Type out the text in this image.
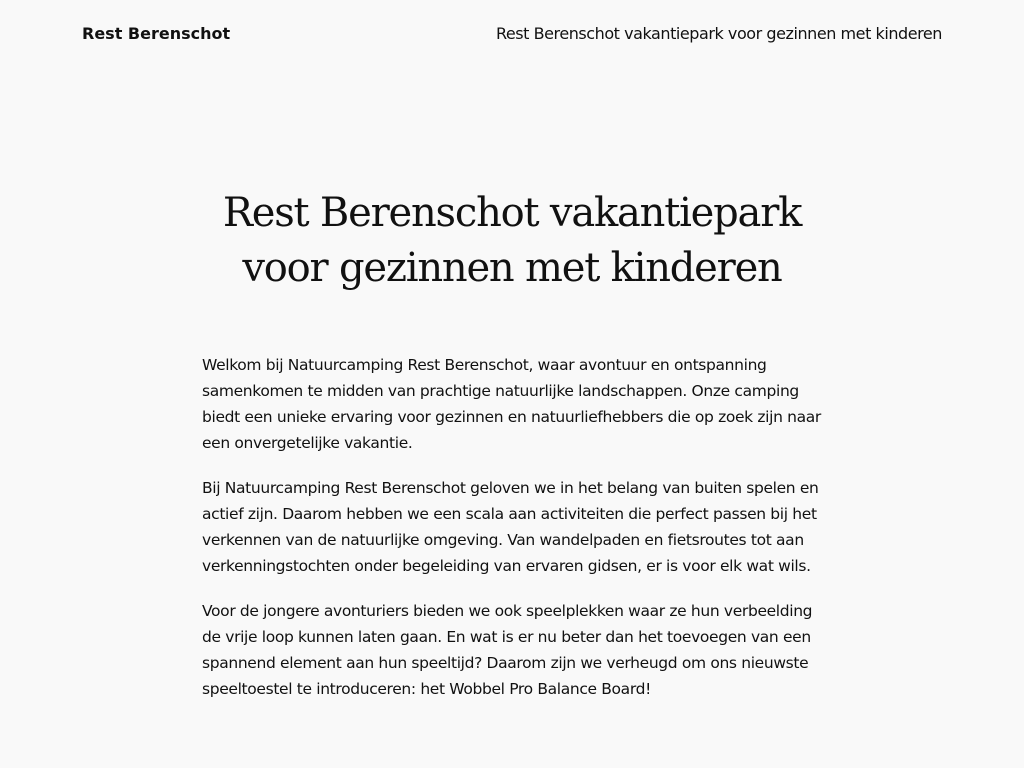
Rest Berenschot	Rest Berenschot vakantiepark voor gezinnen met kinderen
Rest Berenschot vakantiepark voor gezinnen met kinderen

Welkom bij Natuurcamping Rest Berenschot, waar avontuur en ontspanning samenkomen te midden van prachtige natuurlijke landschappen. Onze camping biedt een unieke ervaring voor gezinnen en natuurliefhebbers die op zoek zijn naar een onvergetelijke vakantie.

Bij Natuurcamping Rest Berenschot geloven we in het belang van buiten spelen en actief zijn. Daarom hebben we een scala aan activiteiten die perfect passen bij het verkennen van de natuurlijke omgeving. Van wandelpaden en fietsroutes tot aan verkenningstochten onder begeleiding van ervaren gidsen, er is voor elk wat wils.

Voor de jongere avonturiers bieden we ook speelplekken waar ze hun verbeelding de vrije loop kunnen laten gaan. En wat is er nu beter dan het toevoegen van een spannend element aan hun speeltijd? Daarom zijn we verheugd om ons nieuwste speeltoestel te introduceren: het Wobbel Pro Balance Board!
